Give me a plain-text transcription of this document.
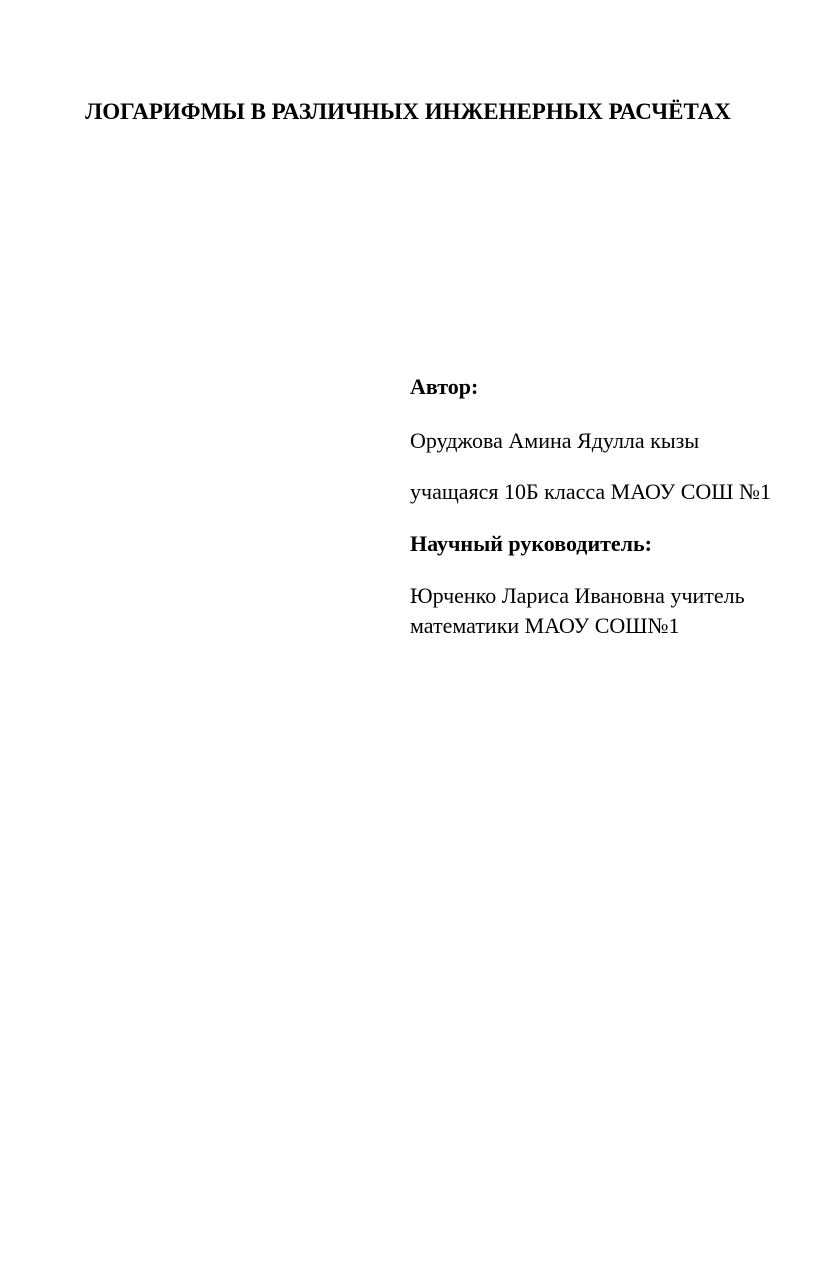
ЛОГАРИФМЫ В РАЗЛИЧНЫХ ИНЖЕНЕРНЫХ РАСЧЁТАХ

Автор:

Оруджова Амина Ядулла кызы

учащаяся 10Б класса МАОУ СОШ №1

Научный руководитель:

Юрченко Лариса Ивановна учитель математики МАОУ СОШ№1
